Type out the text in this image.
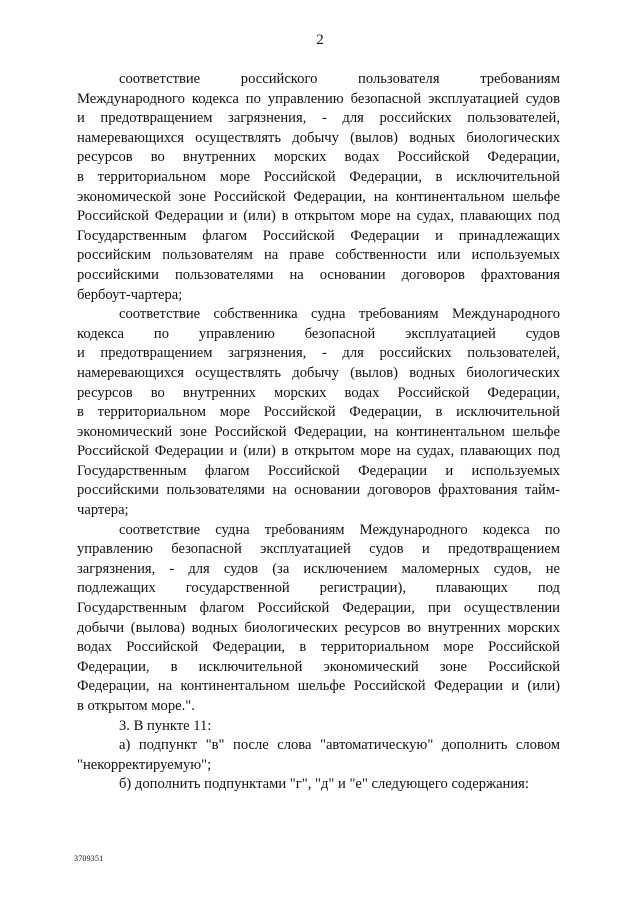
2
соответствие российского пользователя требованиям
Международного кодекса по управлению безопасной эксплуатацией судов
и предотвращением загрязнения, - для российских пользователей,
намеревающихся осуществлять добычу (вылов) водных биологических
ресурсов во внутренних морских водах Российской Федерации,
в территориальном море Российской Федерации, в исключительной
экономической зоне Российской Федерации, на континентальном шельфе
Российской Федерации и (или) в открытом море на судах, плавающих под
Государственным флагом Российской Федерации и принадлежащих
российским пользователям на праве собственности или используемых
российскими пользователями на основании договоров фрахтования
бербоут-чартера;
соответствие собственника судна требованиям Международного
кодекса по управлению безопасной эксплуатацией судов
и предотвращением загрязнения, - для российских пользователей,
намеревающихся осуществлять добычу (вылов) водных биологических
ресурсов во внутренних морских водах Российской Федерации,
в территориальном море Российской Федерации, в исключительной
экономический зоне Российской Федерации, на континентальном шельфе
Российской Федерации и (или) в открытом море на судах, плавающих под
Государственным флагом Российской Федерации и используемых
российскими пользователями на основании договоров фрахтования тайм-
чартера;
соответствие судна требованиям Международного кодекса по
управлению безопасной эксплуатацией судов и предотвращением
загрязнения, - для судов (за исключением маломерных судов, не
подлежащих государственной регистрации), плавающих под
Государственным флагом Российской Федерации, при осуществлении
добычи (вылова) водных биологических ресурсов во внутренних морских
водах Российской Федерации, в территориальном море Российской
Федерации, в исключительной экономический зоне Российской
Федерации, на континентальном шельфе Российской Федерации и (или)
в открытом море.".
3. В пункте 11:
а) подпункт "в" после слова "автоматическую" дополнить словом
"некорректируемую";
б) дополнить подпунктами "г", "д" и "е" следующего содержания:
3709351
